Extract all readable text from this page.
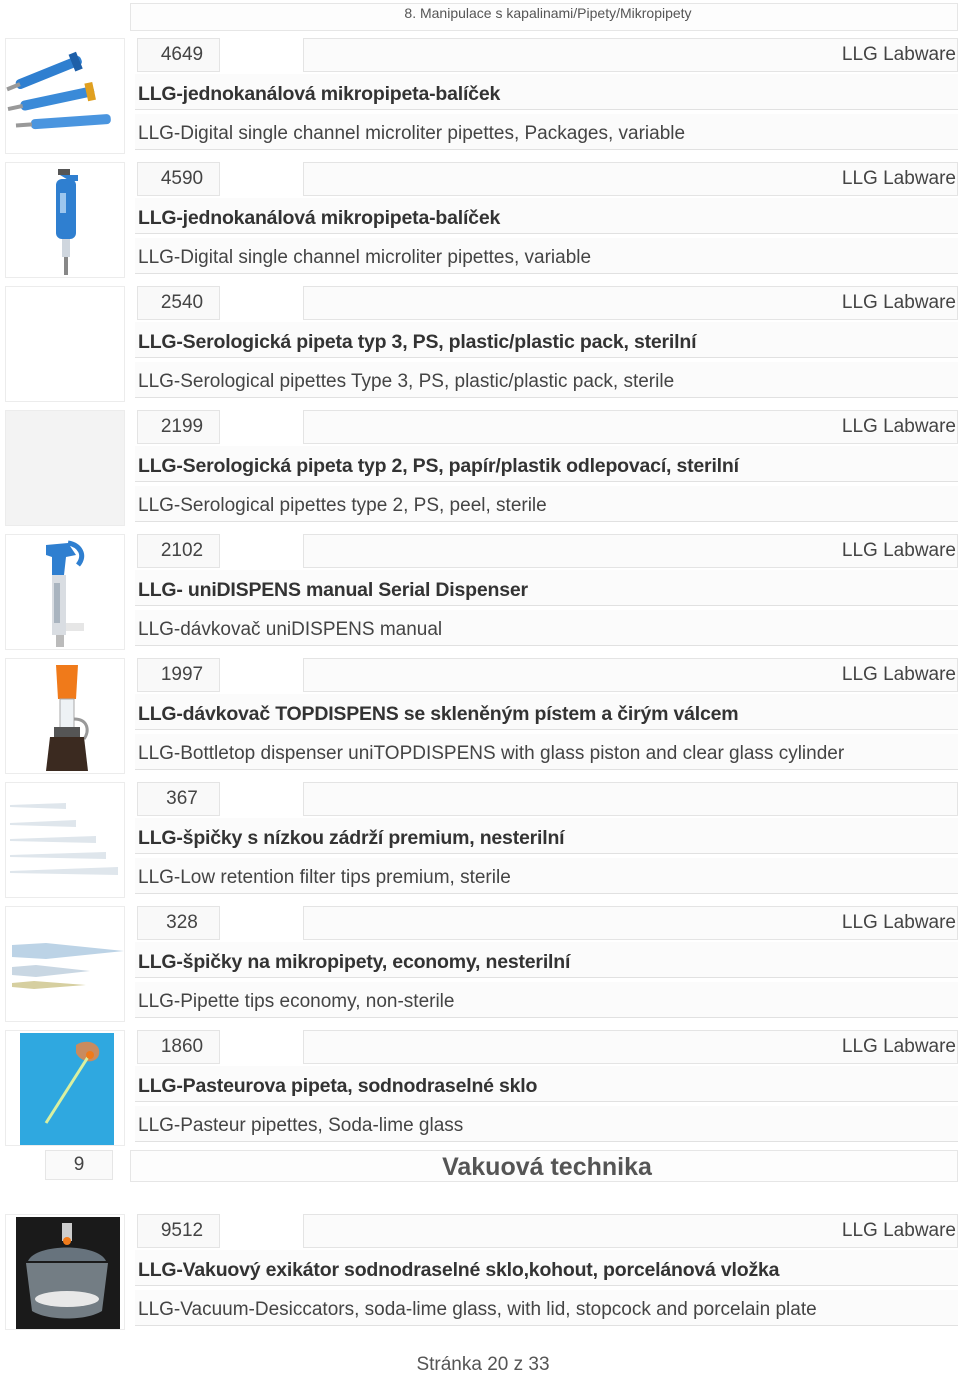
8. Manipulace s kapalinami/Pipety/Mikropipety
4649	LLG Labware
LLG-jednokanálová mikropipeta-balíček
LLG-Digital single channel microliter pipettes, Packages, variable
4590	LLG Labware
LLG-jednokanálová mikropipeta-balíček
LLG-Digital single channel microliter pipettes, variable
2540	LLG Labware
LLG-Serologická pipeta typ 3, PS, plastic/plastic pack, sterilní
LLG-Serological pipettes Type 3, PS, plastic/plastic pack, sterile
2199	LLG Labware
LLG-Serologická pipeta typ 2, PS, papír/plastik odlepovací, sterilní
LLG-Serological pipettes type 2, PS, peel, sterile
2102	LLG Labware
LLG- uniDISPENS manual Serial Dispenser
LLG-dávkovač uniDISPENS manual
1997	LLG Labware
LLG-dávkovač TOPDISPENS se skleněným pístem a čirým válcem
LLG-Bottletop dispenser uniTOPDISPENS with glass piston and clear glass cylinder
367
LLG-špičky s nízkou zádrží premium, nesterilní
LLG-Low retention filter tips premium, sterile
328	LLG Labware
LLG-špičky na mikropipety, economy, nesterilní
LLG-Pipette tips economy, non-sterile
1860	LLG Labware
LLG-Pasteurova pipeta, sodnodraselné sklo
LLG-Pasteur pipettes, Soda-lime glass
9	Vakuová technika
9512	LLG Labware
LLG-Vakuový exikátor sodnodraselné sklo,kohout, porcelánová vložka
LLG-Vacuum-Desiccators, soda-lime glass, with lid, stopcock and porcelain plate
Stránka 20 z 33
